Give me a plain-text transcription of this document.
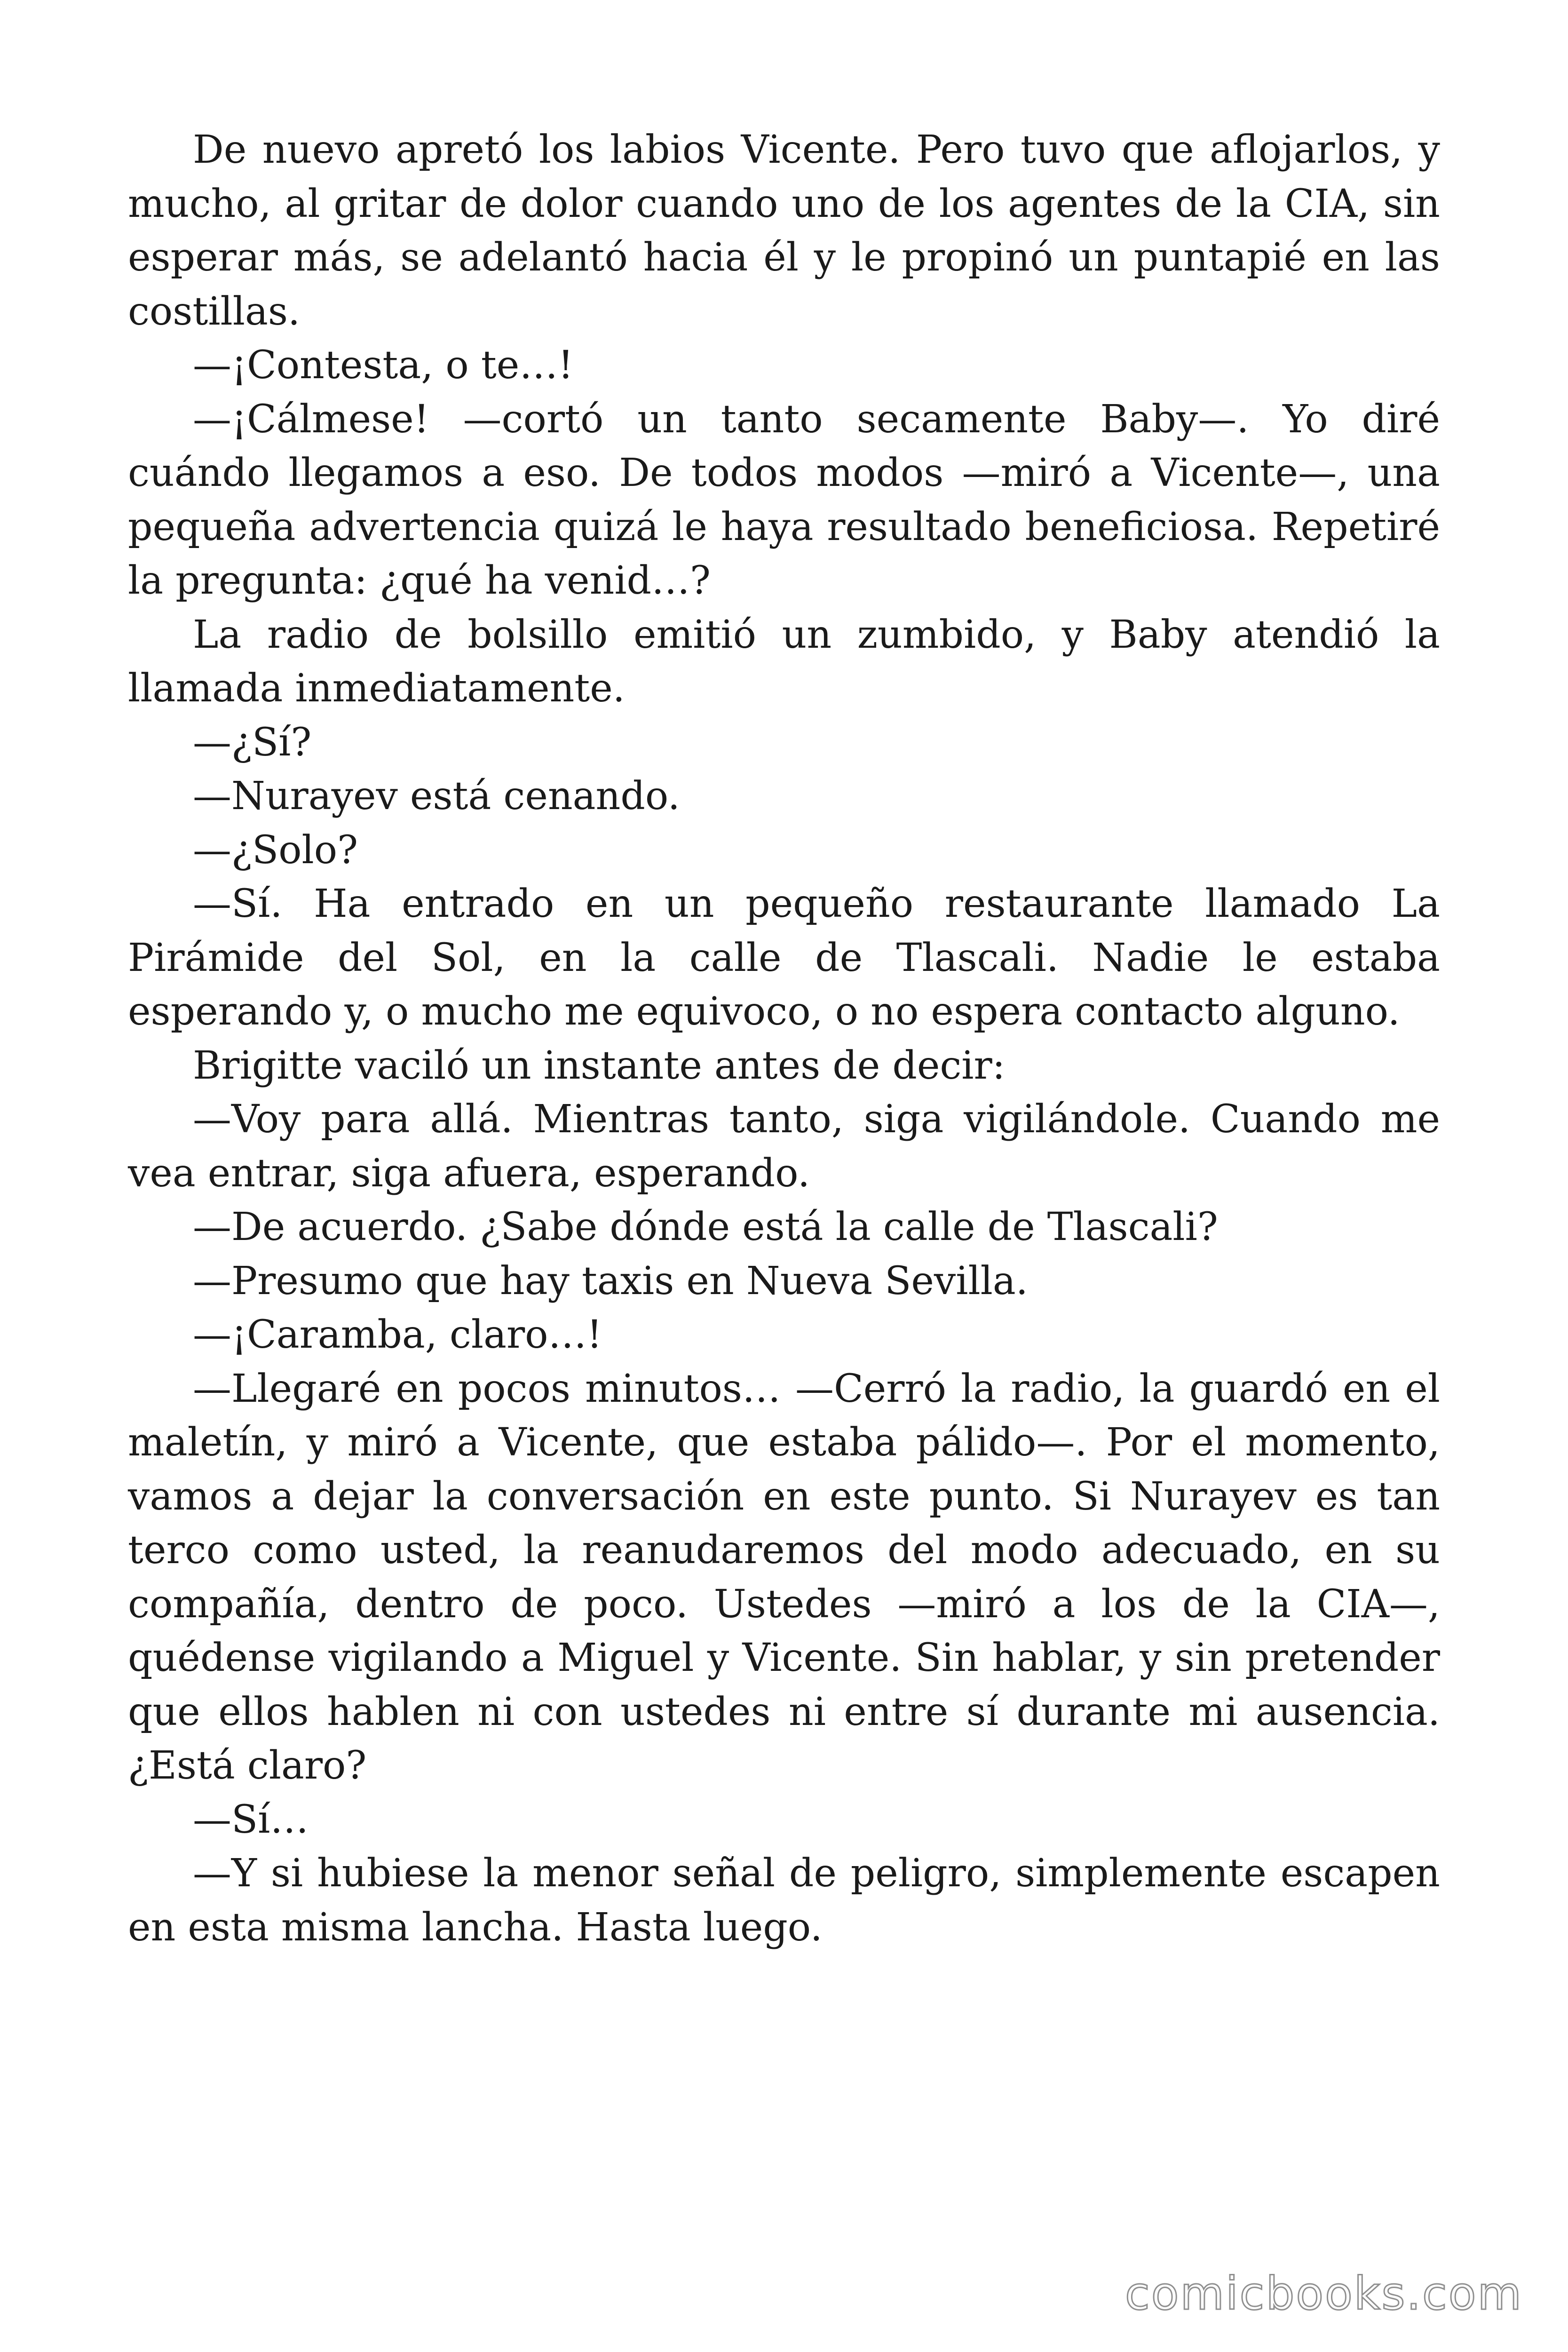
De nuevo apretó los labios Vicente. Pero tuvo que aflojarlos, y mucho, al gritar de dolor cuando uno de los agentes de la CIA, sin esperar más, se adelantó hacia él y le propinó un puntapié en las costillas.

—¡Contesta, o te…!

—¡Cálmese! —cortó un tanto secamente Baby—. Yo diré cuándo llegamos a eso. De todos modos —miró a Vicente—, una pequeña advertencia quizá le haya resultado beneficiosa. Repetiré la pregunta: ¿qué ha venid…?

La radio de bolsillo emitió un zumbido, y Baby atendió la llamada inmediatamente.

—¿Sí?

—Nurayev está cenando.

—¿Solo?

—Sí. Ha entrado en un pequeño restaurante llamado La Pirámide del Sol, en la calle de Tlascali. Nadie le estaba esperando y, o mucho me equivoco, o no espera contacto alguno.

Brigitte vaciló un instante antes de decir:

—Voy para allá. Mientras tanto, siga vigilándole. Cuando me vea entrar, siga afuera, esperando.

—De acuerdo. ¿Sabe dónde está la calle de Tlascali?

—Presumo que hay taxis en Nueva Sevilla.

—¡Caramba, claro…!

—Llegaré en pocos minutos… —Cerró la radio, la guardó en el maletín, y miró a Vicente, que estaba pálido—. Por el momento, vamos a dejar la conversación en este punto. Si Nurayev es tan terco como usted, la reanudaremos del modo adecuado, en su compañía, dentro de poco. Ustedes —miró a los de la CIA—, quédense vigilando a Miguel y Vicente. Sin hablar, y sin pretender que ellos hablen ni con ustedes ni entre sí durante mi ausencia. ¿Está claro?

—Sí…

—Y si hubiese la menor señal de peligro, simplemente escapen en esta misma lancha. Hasta luego.

comicbooks.com
